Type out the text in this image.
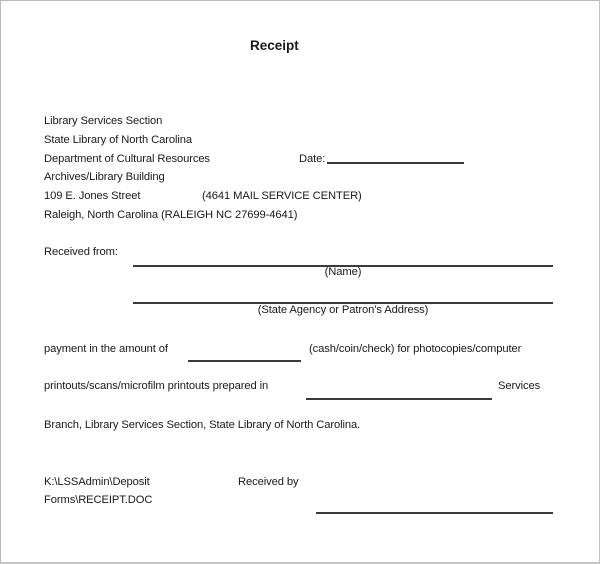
Receipt
Library Services Section
State Library of North Carolina
Department of Cultural Resources
Archives/Library Building
109 E. Jones Street
Raleigh, North Carolina (RALEIGH NC 27699-4641)
(4641 MAIL SERVICE CENTER)
Date:
Received from:
(Name)
(State Agency or Patron’s Address)
payment in the amount of	(cash/coin/check) for photocopies/computer
printouts/scans/microfilm printouts prepared in	Services
Branch, Library Services Section, State Library of North Carolina.
K:\LSSAdmin\Deposit
Forms\RECEIPT.DOC
Received by
